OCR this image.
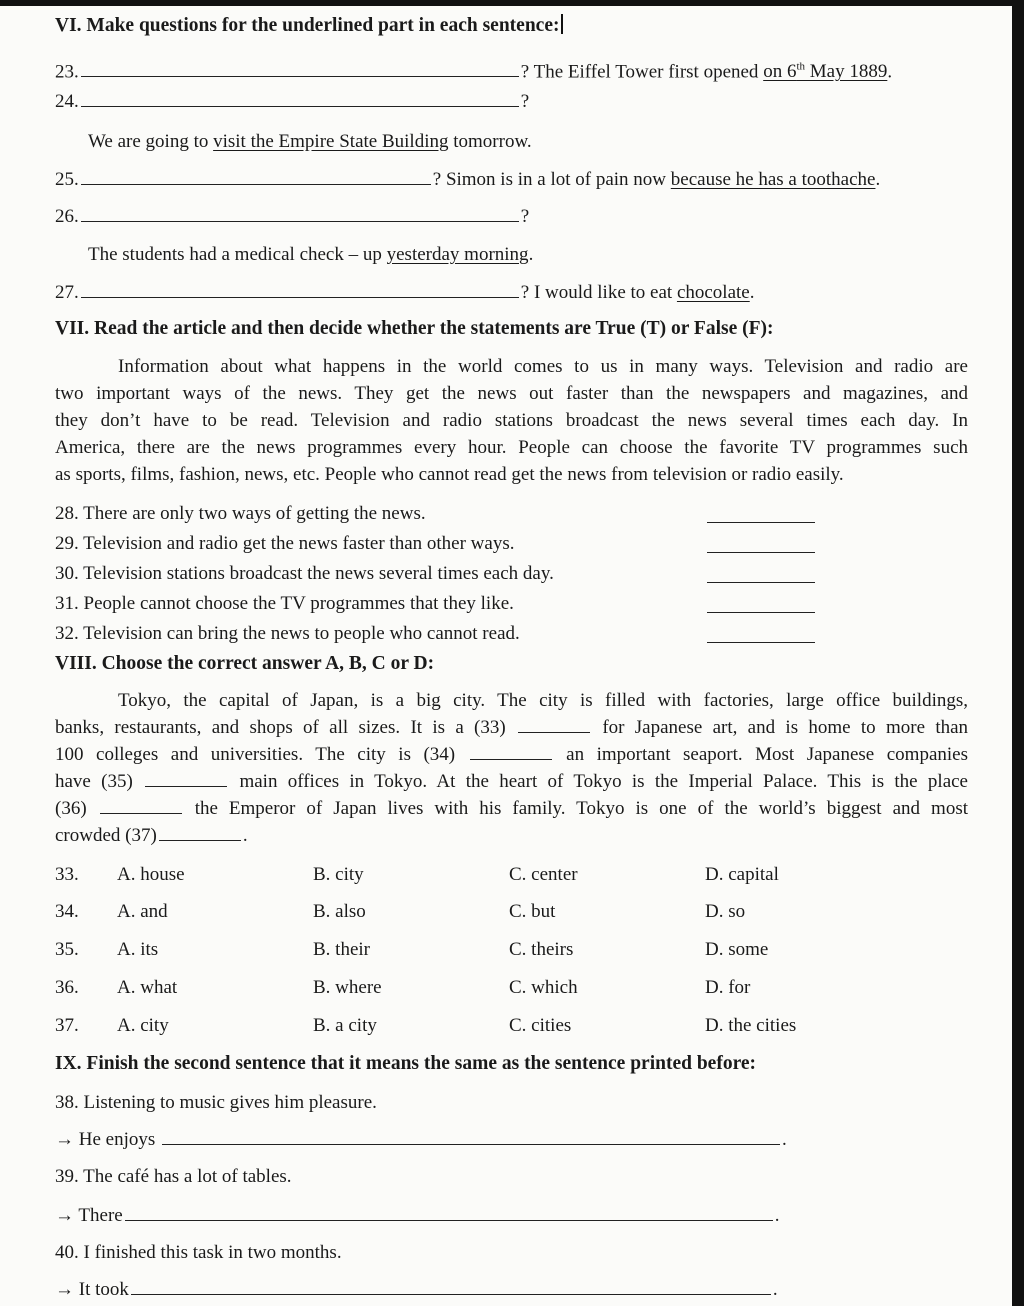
VI. Make questions for the underlined part in each sentence:
23.	? The Eiffel Tower first opened on 6th May 1889.
24.	?
We are going to visit the Empire State Building tomorrow.
25.	? Simon is in a lot of pain now because he has a toothache.
26.	?
The students had a medical check – up yesterday morning.
27.	? I would like to eat chocolate.
VII. Read the article and then decide whether the statements are True (T) or False (F):
Information about what happens in the world comes to us in many ways. Television and radio are
two important ways of the news. They get the news out faster than the newspapers and magazines, and
they don’t have to be read. Television and radio stations broadcast the news several times each day. In
America, there are the news programmes every hour. People can choose the favorite TV programmes such
as sports, films, fashion, news, etc. People who cannot read get the news from television or radio easily.
28. There are only two ways of getting the news.
29. Television and radio get the news faster than other ways.
30. Television stations broadcast the news several times each day.
31. People cannot choose the TV programmes that they like.
32. Television can bring the news to people who cannot read.
VIII. Choose the correct answer A, B, C or D:
Tokyo, the capital of Japan, is a big city. The city is filled with factories, large office buildings,
banks, restaurants, and shops of all sizes. It is a (33)	for Japanese art, and is home to more than
100 colleges and universities. The city is (34)	an important seaport. Most Japanese companies
have (35)	main offices in Tokyo. At the heart of Tokyo is the Imperial Palace. This is the place
(36)	the Emperor of Japan lives with his family. Tokyo is one of the world’s biggest and most
crowded (37)	.
33. A. house	B. city	C. center	D. capital
34. A. and	B. also	C. but	D. so
35. A. its	B. their	C. theirs	D. some
36. A. what	B. where	C. which	D. for
37. A. city	B. a city	C. cities	D. the cities
IX. Finish the second sentence that it means the same as the sentence printed before:
38. Listening to music gives him pleasure.
→ He enjoys	.
39. The café has a lot of tables.
→ There	.
40. I finished this task in two months.
→ It took	.
